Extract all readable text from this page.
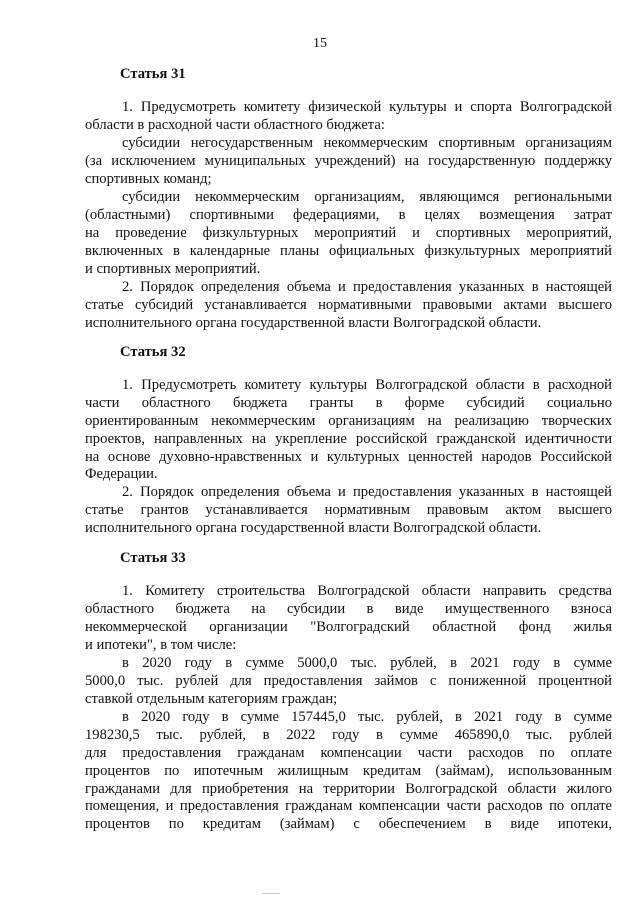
15
Статья 31
1. Предусмотреть комитету физической культуры и спорта Волгоградской
области в расходной части областного бюджета:
субсидии негосударственным некоммерческим спортивным организациям
(за исключением муниципальных учреждений) на государственную поддержку
спортивных команд;
субсидии некоммерческим организациям, являющимся региональными
(областными) спортивными федерациями, в целях возмещения затрат
на проведение физкультурных мероприятий и спортивных мероприятий,
включенных в календарные планы официальных физкультурных мероприятий
и спортивных мероприятий.
2. Порядок определения объема и предоставления указанных в настоящей
статье субсидий устанавливается нормативными правовыми актами высшего
исполнительного органа государственной власти Волгоградской области.
Статья 32
1. Предусмотреть комитету культуры Волгоградской области в расходной
части областного бюджета гранты в форме субсидий социально
ориентированным некоммерческим организациям на реализацию творческих
проектов, направленных на укрепление российской гражданской идентичности
на основе духовно-нравственных и культурных ценностей народов Российской
Федерации.
2. Порядок определения объема и предоставления указанных в настоящей
статье грантов устанавливается нормативным правовым актом высшего
исполнительного органа государственной власти Волгоградской области.
Статья 33
1. Комитету строительства Волгоградской области направить средства
областного бюджета на субсидии в виде имущественного взноса
некоммерческой организации "Волгоградский областной фонд жилья
и ипотеки", в том числе:
в 2020 году в сумме 5000,0 тыс. рублей, в 2021 году в сумме
5000,0 тыс. рублей для предоставления займов с пониженной процентной
ставкой отдельным категориям граждан;
в 2020 году в сумме 157445,0 тыс. рублей, в 2021 году в сумме
198230,5 тыс. рублей, в 2022 году в сумме 465890,0 тыс. рублей
для предоставления гражданам компенсации части расходов по оплате
процентов по ипотечным жилищным кредитам (займам), использованным
гражданами для приобретения на территории Волгоградской области жилого
помещения, и предоставления гражданам компенсации части расходов по оплате
процентов по кредитам (займам) с обеспечением в виде ипотеки,
